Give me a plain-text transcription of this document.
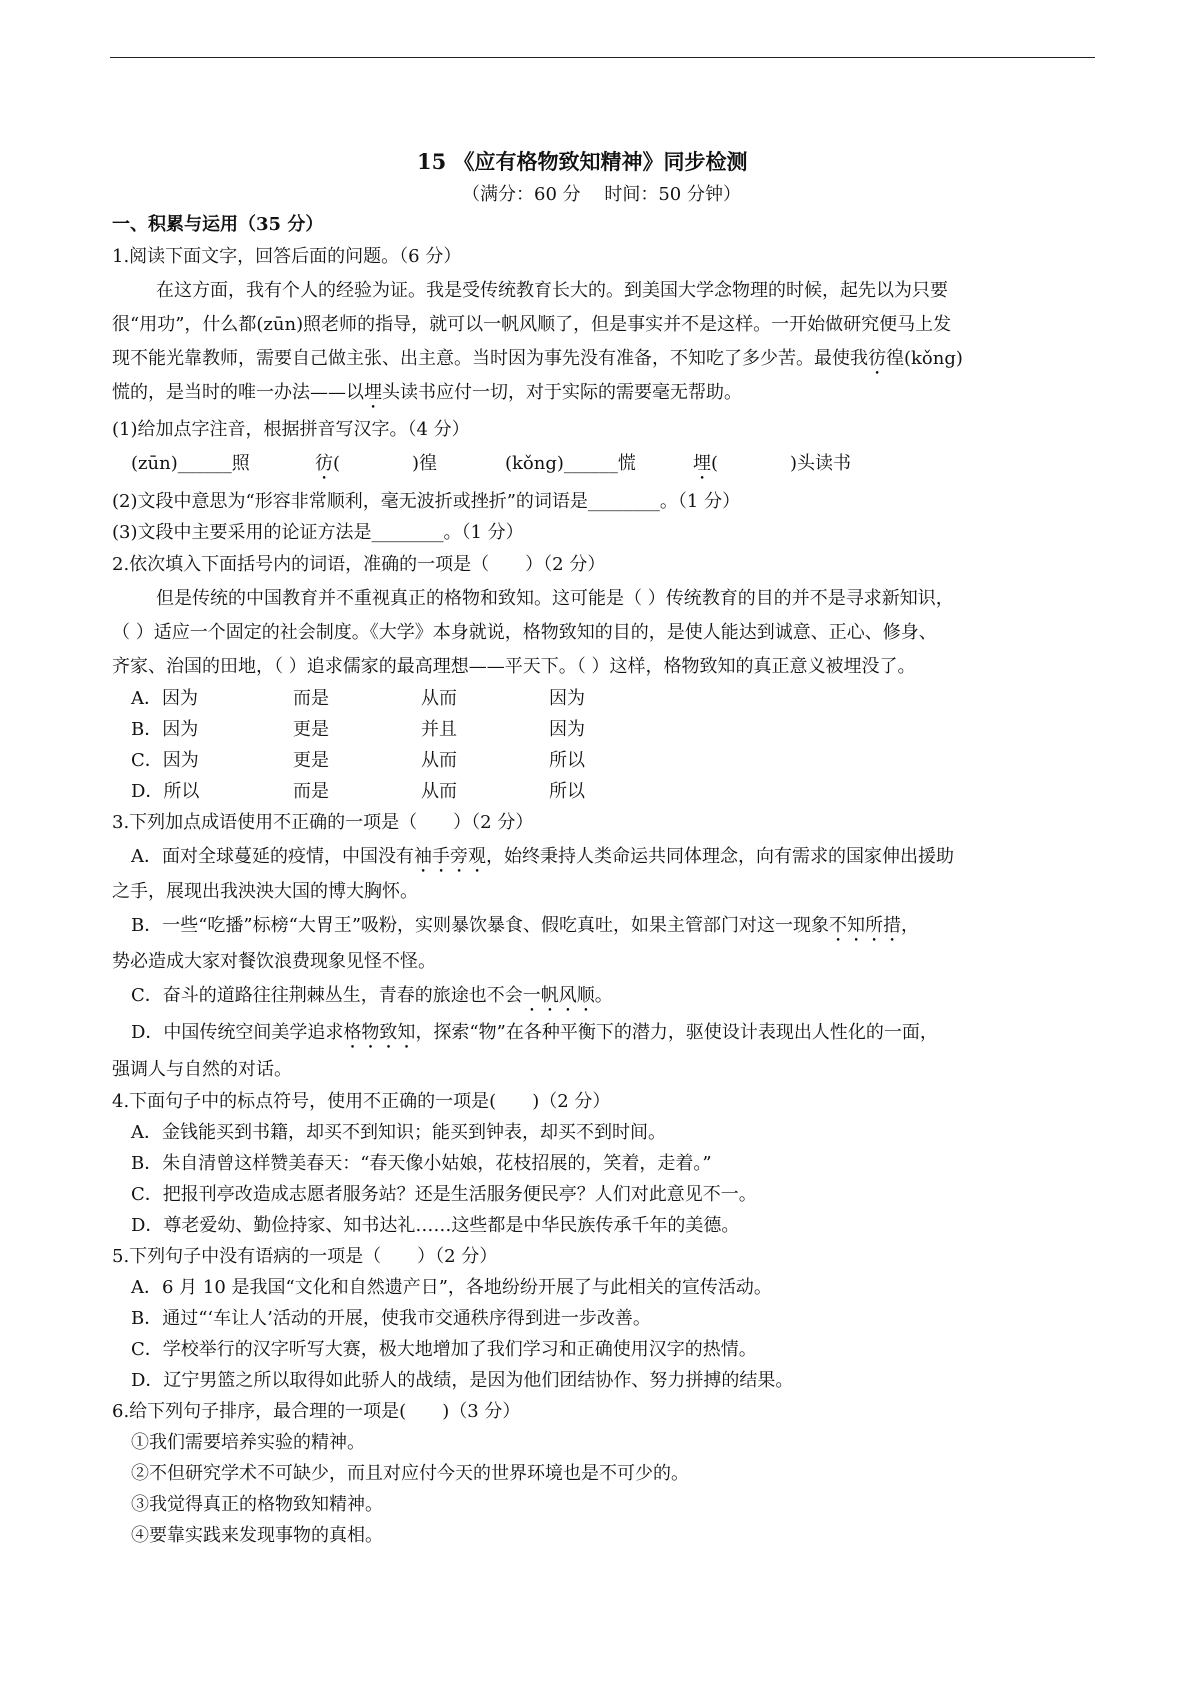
15 《应有格物致知精神》同步检测
（满分：60 分　 时间：50 分钟）
一、积累与运用（35 分）
1.阅读下面文字，回答后面的问题。（6 分）
在这方面，我有个人的经验为证。我是受传统教育长大的。到美国大学念物理的时候，起先以为只要
很“用功”，什么都(zūn)照老师的指导，就可以一帆风顺了，但是事实并不是这样。一开始做研究便马上发
现不能光靠教师，需要自己做主张、出主意。当时因为事先没有准备，不知吃了多少苦。最使我彷徨(kǒng)
慌的，是当时的唯一办法——以埋头读书应付一切，对于实际的需要毫无帮助。
(1)给加点字注音，根据拼音写汉字。（4 分）
(zūn)______照	彷(　　　　)徨	(kǒng)______慌	埋(　　　　)头读书
(2)文段中意思为“形容非常顺利，毫无波折或挫折”的词语是________。（1 分）
(3)文段中主要采用的论证方法是________。（1 分）
2.依次填入下面括号内的词语，准确的一项是（　　）（2 分）
但是传统的中国教育并不重视真正的格物和致知。这可能是（ ）传统教育的目的并不是寻求新知识，
（ ）适应一个固定的社会制度。《大学》本身就说，格物致知的目的，是使人能达到诚意、正心、修身、
齐家、治国的田地，（ ）追求儒家的最高理想——平天下。（ ）这样，格物致知的真正意义被埋没了。
A．因为	而是	从而	因为
B．因为	更是	并且	因为
C．因为	更是	从而	所以
D．所以	而是	从而	所以
3.下列加点成语使用不正确的一项是（　　）（2 分）
A．面对全球蔓延的疫情，中国没有袖手旁观，始终秉持人类命运共同体理念，向有需求的国家伸出援助
之手，展现出我泱泱大国的博大胸怀。
B．一些“吃播”标榜“大胃王”吸粉，实则暴饮暴食、假吃真吐，如果主管部门对这一现象不知所措，
势必造成大家对餐饮浪费现象见怪不怪。
C．奋斗的道路往往荆棘丛生，青春的旅途也不会一帆风顺。
D．中国传统空间美学追求格物致知，探索“物”在各种平衡下的潜力，驱使设计表现出人性化的一面，
强调人与自然的对话。
4.下面句子中的标点符号，使用不正确的一项是(　　)（2 分）
A．金钱能买到书籍，却买不到知识；能买到钟表，却买不到时间。
B．朱自清曾这样赞美春天：“春天像小姑娘，花枝招展的，笑着，走着。”
C．把报刊亭改造成志愿者服务站？还是生活服务便民亭？人们对此意见不一。
D．尊老爱幼、勤俭持家、知书达礼……这些都是中华民族传承千年的美德。
5.下列句子中没有语病的一项是（　　）（2 分）
A．6 月 10 是我国“文化和自然遗产日”，各地纷纷开展了与此相关的宣传活动。
B．通过“‘车让人’活动的开展，使我市交通秩序得到进一步改善。
C．学校举行的汉字听写大赛，极大地增加了我们学习和正确使用汉字的热情。
D．辽宁男篮之所以取得如此骄人的战绩，是因为他们团结协作、努力拼搏的结果。
6.给下列句子排序，最合理的一项是(　　)（3 分）
①我们需要培养实验的精神。
②不但研究学术不可缺少，而且对应付今天的世界环境也是不可少的。
③我觉得真正的格物致知精神。
④要靠实践来发现事物的真相。
